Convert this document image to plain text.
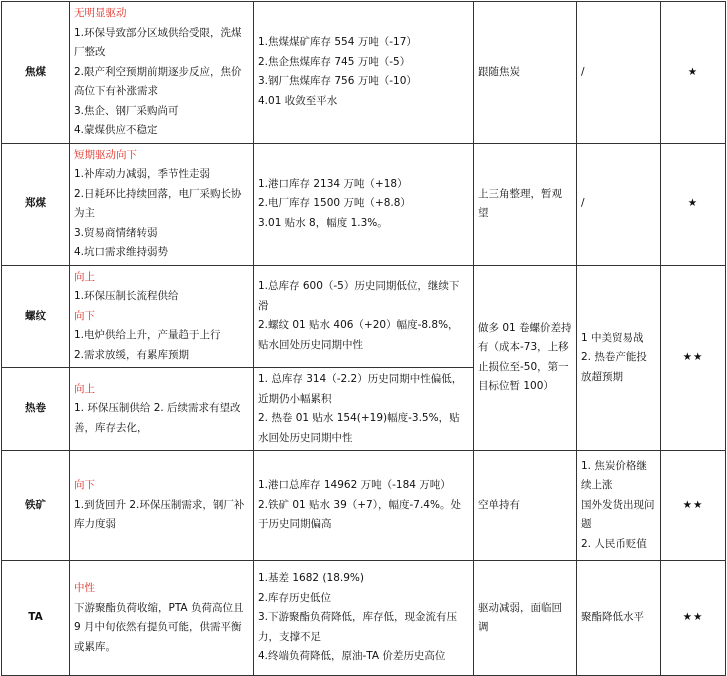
焦煤	无明显驱动
1.环保导致部分区域供给受限，洗煤厂整改
2.限产利空预期前期逐步反应，焦价高位下有补涨需求
3.焦企、钢厂采购尚可
4.蒙煤供应不稳定	1.焦煤煤矿库存 554 万吨（-17）
2.焦企焦煤库存 745 万吨（-5）
3.钢厂焦煤库存 756 万吨（-10）
4.01 收敛至平水	跟随焦炭	/	★
郑煤	短期驱动向下
1.补库动力减弱，季节性走弱
2.日耗环比持续回落，电厂采购长协为主
3.贸易商情绪转弱
4.坑口需求维持弱势	1.港口库存 2134 万吨（+18）
2.电厂库存 1500 万吨（+8.8）
3.01 贴水 8，幅度 1.3%。	上三角整理，暂观望	/	★
螺纹	向上
1.环保压制长流程供给
向下
1.电炉供给上升，产量趋于上行
2.需求放缓，有累库预期	1.总库存 600（-5）历史同期低位，继续下滑
2.螺纹 01 贴水 406（+20）幅度-8.8%，贴水回处历史同期中性	做多 01 卷螺价差持有（成本-73，上移止损位至-50，第一目标位暂 100）	1 中美贸易战
2. 热卷产能投放超预期	★★
热卷	向上
1. 环保压制供给 2. 后续需求有望改善，库存去化，	1. 总库存 314（-2.2）历史同期中性偏低，近期仍小幅累积
2. 热卷 01 贴水 154(+19)幅度-3.5%，贴水回处历史同期中性			

铁矿	向下
1.到货回升 2.环保压制需求，钢厂补库力度弱	1.港口总库存 14962 万吨（-184 万吨）
2.铁矿 01 贴水 39（+7），幅度-7.4%。处于历史同期偏高	空单持有	1. 焦炭价格继续上涨
国外发货出现问题
2. 人民币贬值	★★
TA	中性
下游聚酯负荷收缩，PTA 负荷高位且 9 月中旬依然有提负可能，供需平衡或累库。	1.基差 1682 (18.9%)
2.库存历史低位
3.下游聚酯负荷降低，库存低，现金流有压力，支撑不足
4.终端负荷降低，原油-TA 价差历史高位	驱动减弱，面临回调	聚酯降低水平	★★
